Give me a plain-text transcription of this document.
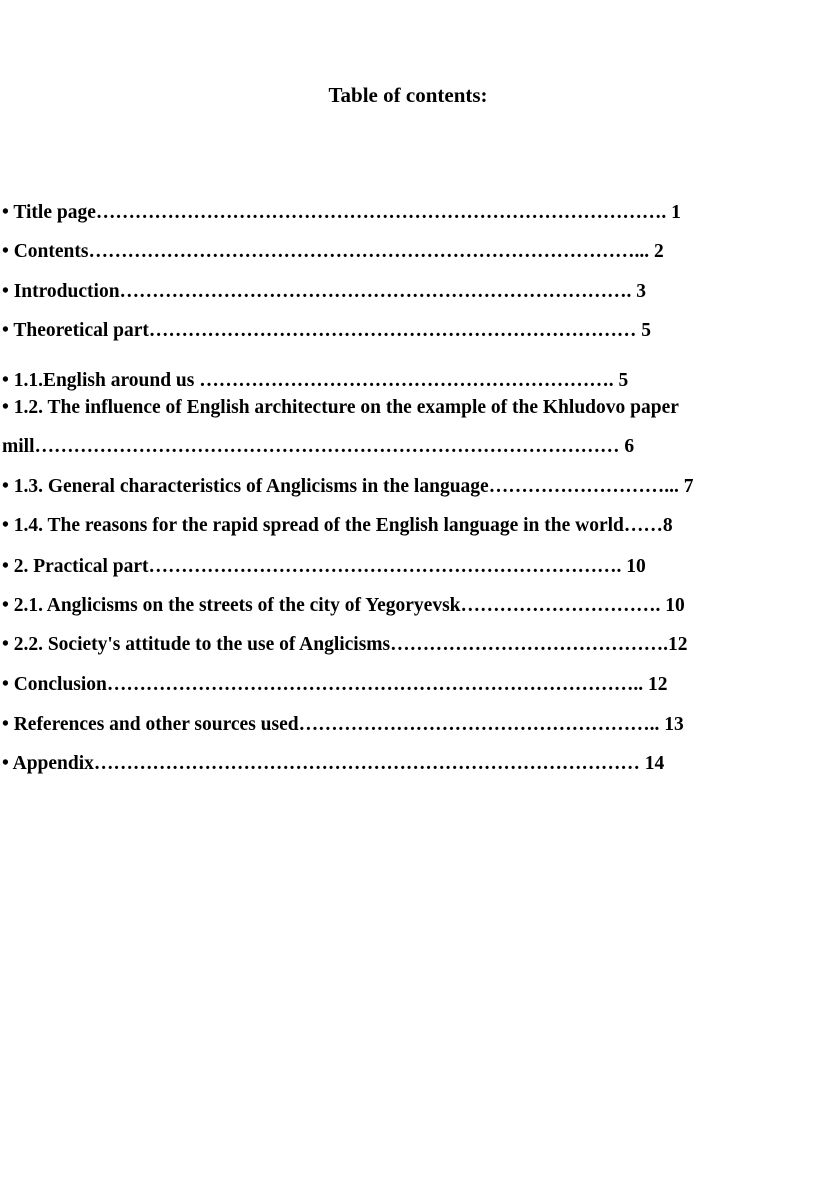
Table of contents:
• Title page……………………………………………………………………………. 1
• Contents…………………………………………………………………………... 2
• Introduction……………………………………………………………………. 3
• Theoretical part………………………………………………………………… 5
• 1.1.English around us ………………………………………………………. 5
• 1.2. The influence of English architecture on the example of the Khludovo paper
mill……………………………………………………………………………… 6
• 1.3. General characteristics of Anglicisms in the language………………………... 7
• 1.4. The reasons for the rapid spread of the English language in the world……8
• 2. Practical part………………………………………………………………. 10
• 2.1. Anglicisms on the streets of the city of Yegoryevsk…………………………. 10
• 2.2. Society's attitude to the use of Anglicisms…………………………………….12
• Conclusion……………………………………………………………………….. 12
• References and other sources used……………………………………………….. 13
• Appendix………………………………………………………………………… 14
